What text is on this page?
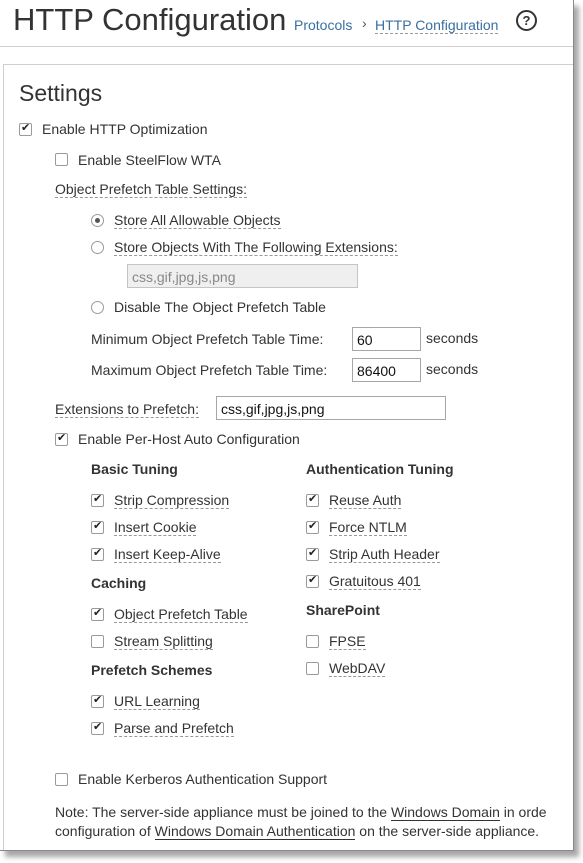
HTTP Configuration Protocols › HTTP Configuration	?
Settings
✔
Enable HTTP Optimization
Enable SteelFlow WTA
Object Prefetch Table Settings:
Store All Allowable Objects
Store Objects With The Following Extensions:
css,gif,jpg,js,png
Disable The Object Prefetch Table
Minimum Object Prefetch Table Time:	60	seconds
Maximum Object Prefetch Table Time:	86400	seconds
Extensions to Prefetch:	css,gif,jpg,js,png
✔
Enable Per-Host Auto Configuration
Basic Tuning
✔
Strip Compression
✔
Insert Cookie
✔
Insert Keep-Alive
Caching
✔
Object Prefetch Table
Stream Splitting
Prefetch Schemes
✔
URL Learning
✔
Parse and Prefetch
Authentication Tuning
✔
Reuse Auth
✔
Force NTLM
✔
Strip Auth Header
✔
Gratuitous 401
SharePoint
FPSE
WebDAV
Enable Kerberos Authentication Support
Note: The server-side appliance must be joined to the Windows Domain in orde
configuration of Windows Domain Authentication on the server-side appliance.
